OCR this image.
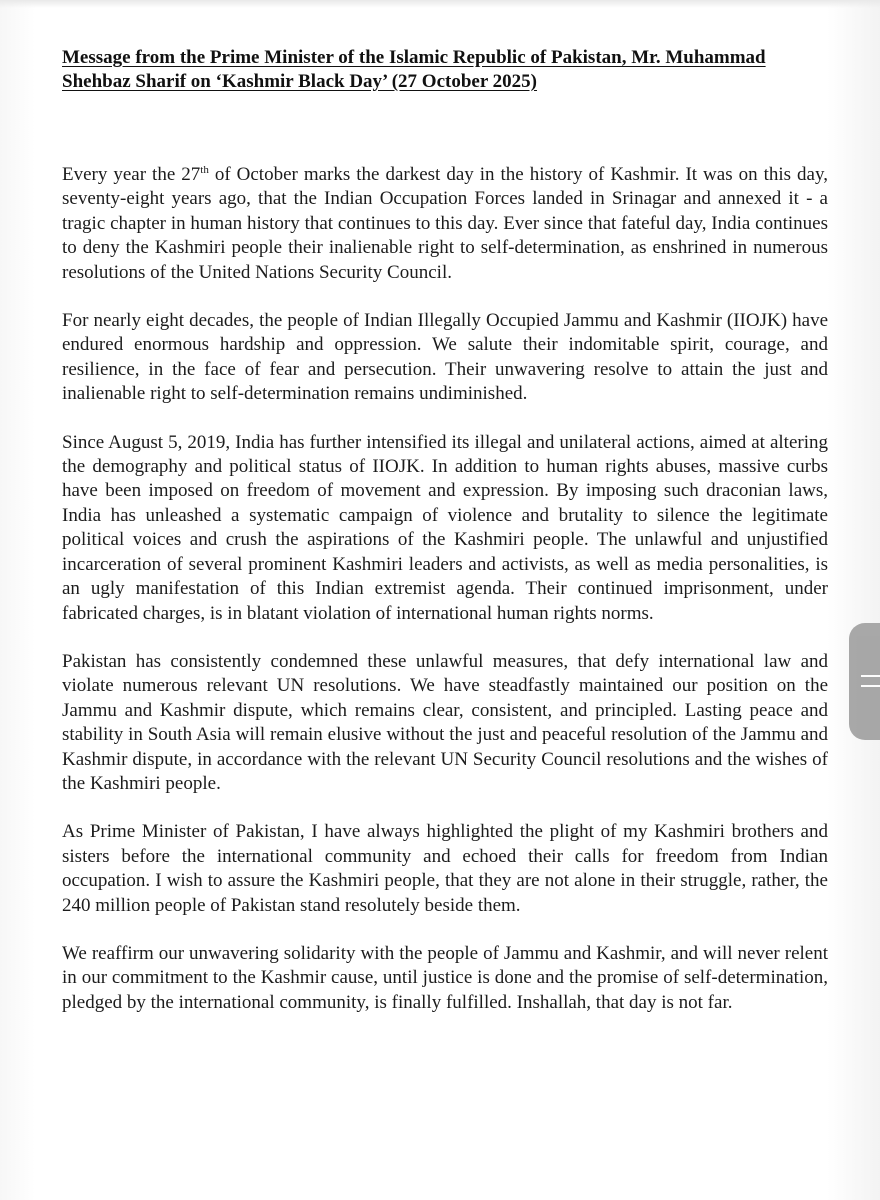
Message from the Prime Minister of the Islamic Republic of Pakistan, Mr. Muhammad Shehbaz Sharif on ‘Kashmir Black Day’ (27 October 2025)

Every year the 27th of October marks the darkest day in the history of Kashmir. It was on this day, seventy-eight years ago, that the Indian Occupation Forces landed in Srinagar and annexed it - a tragic chapter in human history that continues to this day. Ever since that fateful day, India continues to deny the Kashmiri people their inalienable right to self-determination, as enshrined in numerous resolutions of the United Nations Security Council.

For nearly eight decades, the people of Indian Illegally Occupied Jammu and Kashmir (IIOJK) have endured enormous hardship and oppression. We salute their indomitable spirit, courage, and resilience, in the face of fear and persecution. Their unwavering resolve to attain the just and inalienable right to self-determination remains undiminished.

Since August 5, 2019, India has further intensified its illegal and unilateral actions, aimed at altering the demography and political status of IIOJK. In addition to human rights abuses, massive curbs have been imposed on freedom of movement and expression. By imposing such draconian laws, India has unleashed a systematic campaign of violence and brutality to silence the legitimate political voices and crush the aspirations of the Kashmiri people. The unlawful and unjustified incarceration of several prominent Kashmiri leaders and activists, as well as media personalities, is an ugly manifestation of this Indian extremist agenda. Their continued imprisonment, under fabricated charges, is in blatant violation of international human rights norms.

Pakistan has consistently condemned these unlawful measures, that defy international law and violate numerous relevant UN resolutions. We have steadfastly maintained our position on the Jammu and Kashmir dispute, which remains clear, consistent, and principled. Lasting peace and stability in South Asia will remain elusive without the just and peaceful resolution of the Jammu and Kashmir dispute, in accordance with the relevant UN Security Council resolutions and the wishes of the Kashmiri people.

As Prime Minister of Pakistan, I have always highlighted the plight of my Kashmiri brothers and sisters before the international community and echoed their calls for freedom from Indian occupation. I wish to assure the Kashmiri people, that they are not alone in their struggle, rather, the 240 million people of Pakistan stand resolutely beside them.

We reaffirm our unwavering solidarity with the people of Jammu and Kashmir, and will never relent in our commitment to the Kashmir cause, until justice is done and the promise of self-determination, pledged by the international community, is finally fulfilled. Inshallah, that day is not far.
